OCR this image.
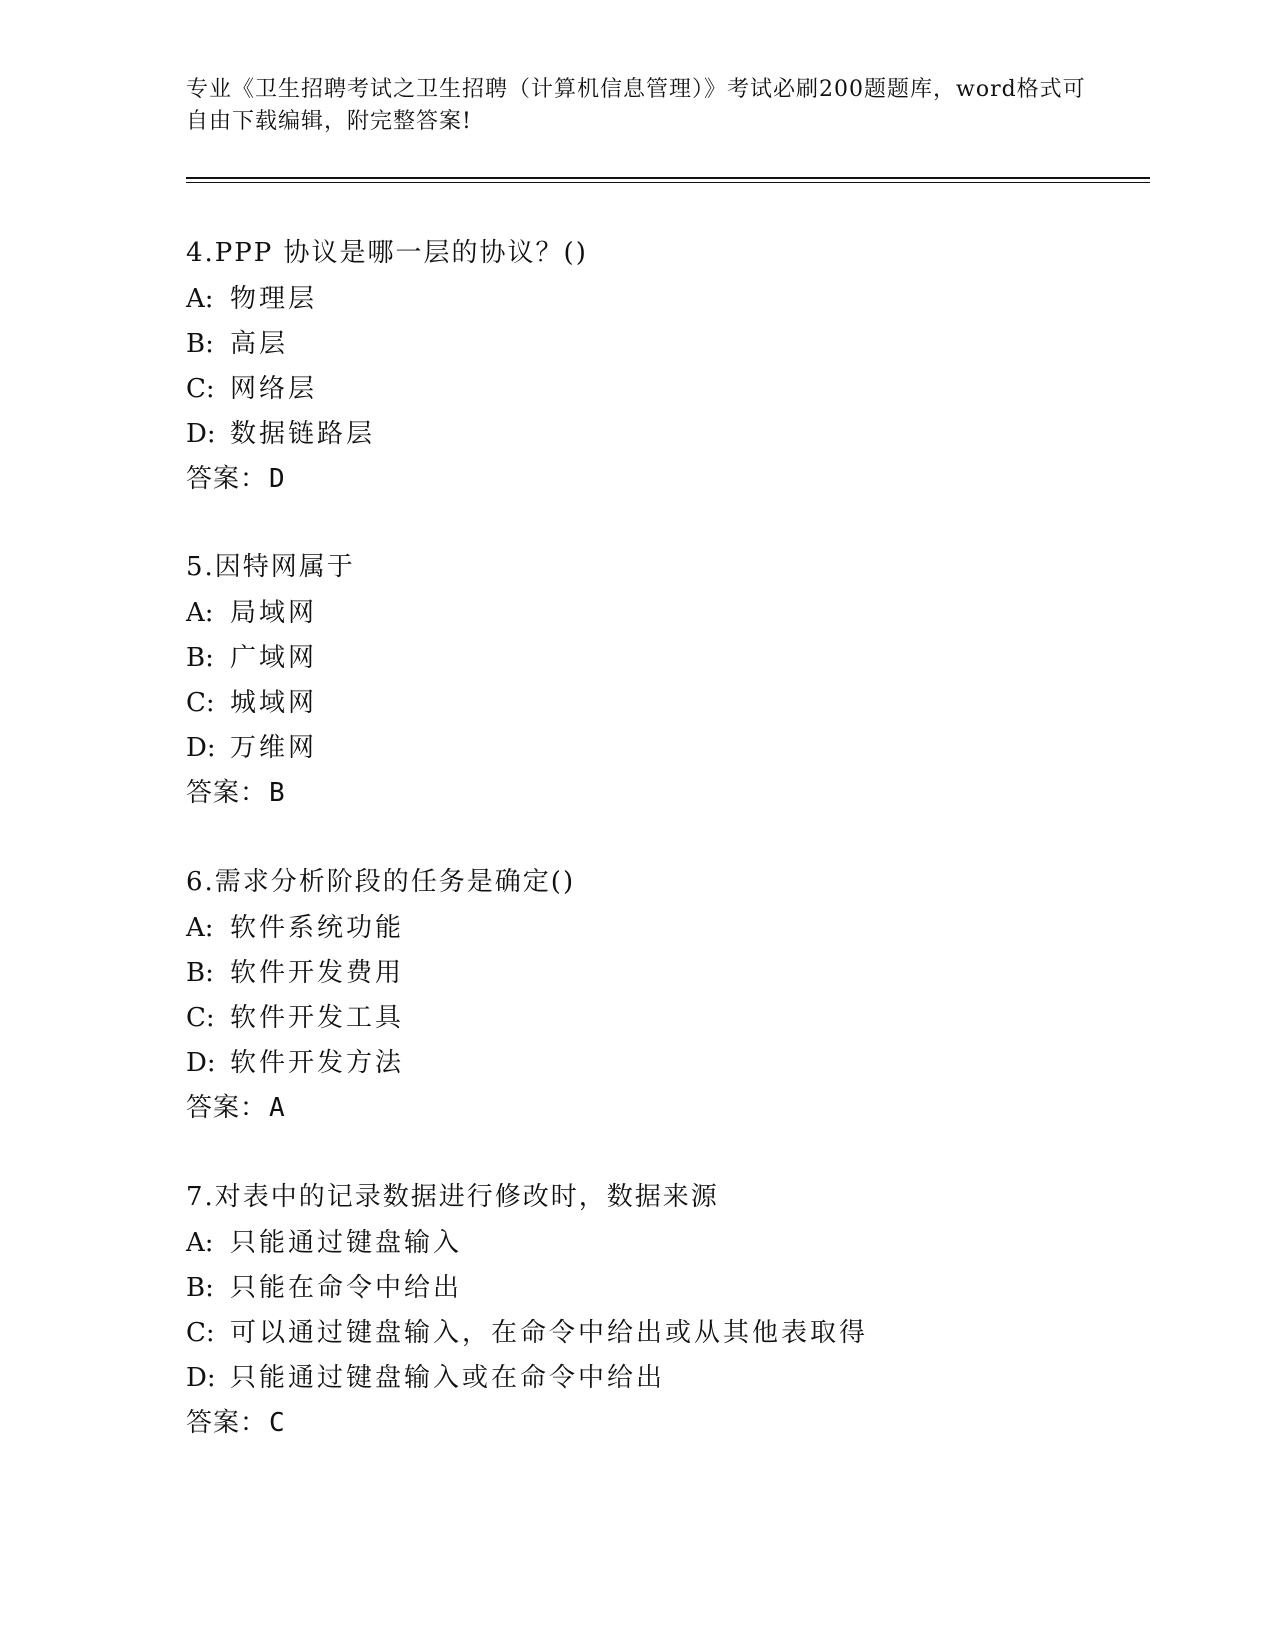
专业《卫生招聘考试之卫生招聘（计算机信息管理）》考试必刷200题题库，word格式可自由下载编辑，附完整答案!
4.PPP 协议是哪一层的协议？()
A: 物理层
B: 高层
C: 网络层
D: 数据链路层
答案：D
5.因特网属于
A: 局域网
B: 广域网
C: 城域网
D: 万维网
答案：B
6.需求分析阶段的任务是确定()
A: 软件系统功能
B: 软件开发费用
C: 软件开发工具
D: 软件开发方法
答案：A
7.对表中的记录数据进行修改时，数据来源
A: 只能通过键盘输入
B: 只能在命令中给出
C: 可以通过键盘输入，在命令中给出或从其他表取得
D: 只能通过键盘输入或在命令中给出
答案：C
